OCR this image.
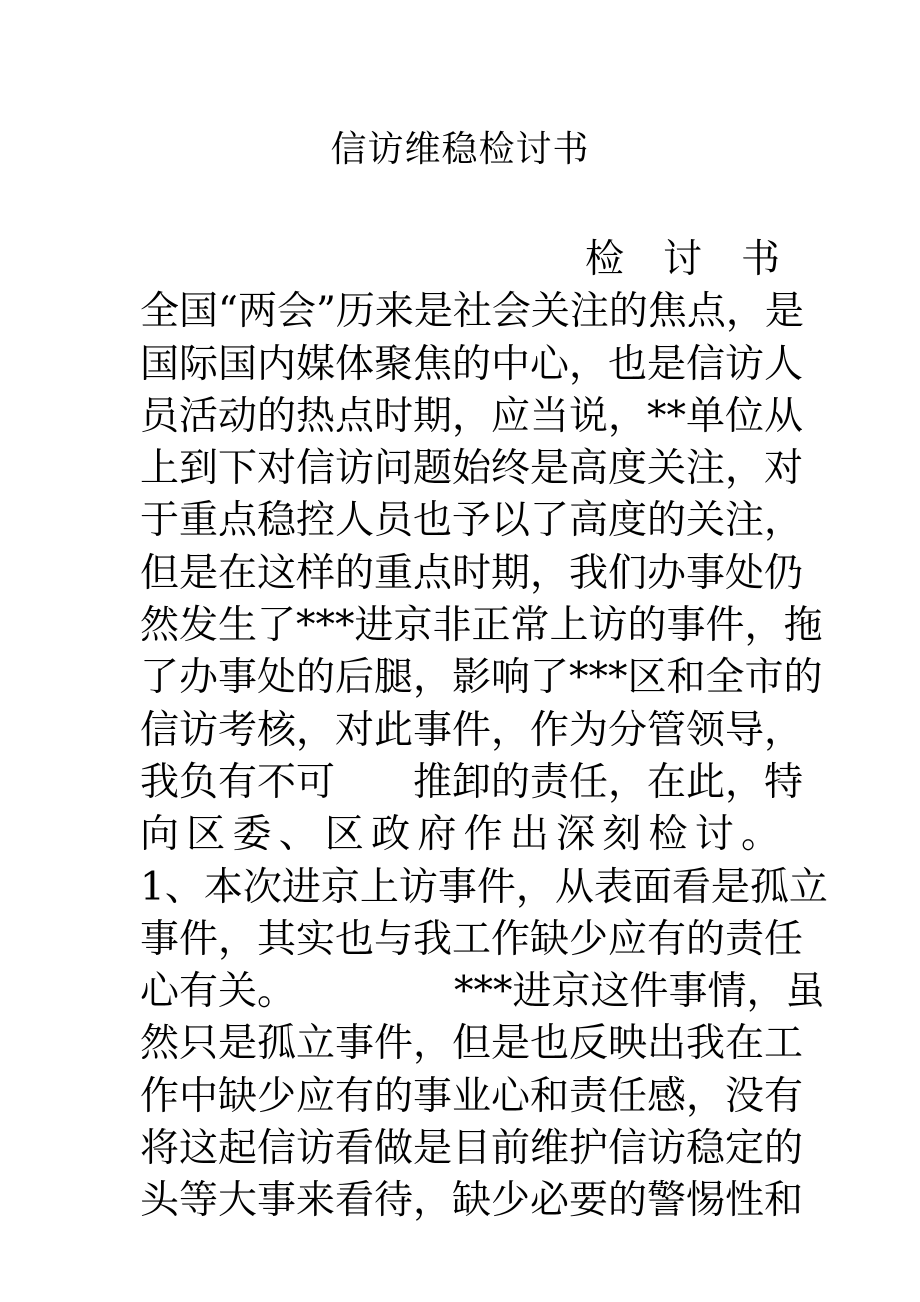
信访维稳检讨书
检　讨　书
全国“两会”历来是社会关注的焦点，是
国际国内媒体聚焦的中心，也是信访人
员活动的热点时期，应当说，**单位从
上到下对信访问题始终是高度关注，对
于重点稳控人员也予以了高度的关注，
但是在这样的重点时期，我们办事处仍
然发生了***进京非正常上访的事件，拖
了办事处的后腿，影响了***区和全市的
信访考核，对此事件，作为分管领导，
我负有不可 推卸的责任，在此，特
向区委、区政府作出深刻检讨。
1、本次进京上访事件，从表面看是孤立
事件，其实也与我工作缺少应有的责任
心有关。	***进京这件事情，虽
然只是孤立事件，但是也反映出我在工
作中缺少应有的事业心和责任感，没有
将这起信访看做是目前维护信访稳定的
头等大事来看待，缺少必要的警惕性和
